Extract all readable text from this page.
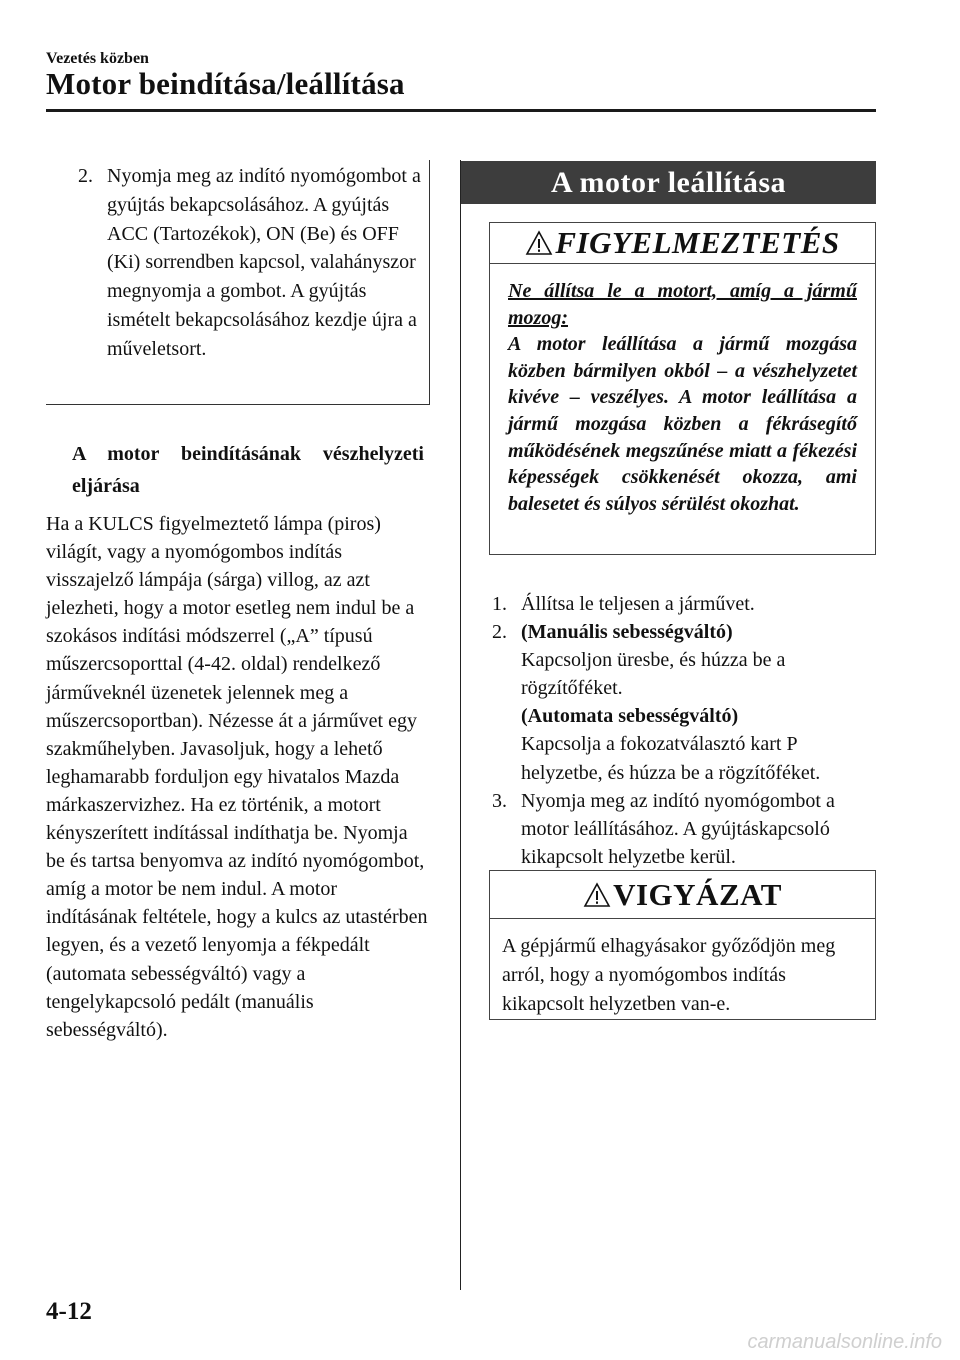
Vezetés közben
Motor beindítása/leállítása
2. Nyomja meg az indító nyomógombot a gyújtás bekapcsolásához. A gyújtás ACC (Tartozékok), ON (Be) és OFF (Ki) sorrendben kapcsol, valahányszor megnyomja a gombot. A gyújtás ismételt bekapcsolásához kezdje újra a műveletsort.
A motor beindításának vészhelyzeti eljárása
Ha a KULCS figyelmeztető lámpa (piros) világít, vagy a nyomógombos indítás visszajelző lámpája (sárga) villog, az azt jelezheti, hogy a motor esetleg nem indul be a szokásos indítási módszerrel („A” típusú műszercsoporttal (4-42. oldal) rendelkező járműveknél üzenetek jelennek meg a műszercsoportban). Nézesse át a járművet egy szakműhelyben. Javasoljuk, hogy a lehető leghamarabb forduljon egy hivatalos Mazda márkaszervizhez. Ha ez történik, a motort kényszerített indítással indíthatja be. Nyomja be és tartsa benyomva az indító nyomógombot, amíg a motor be nem indul. A motor indításának feltétele, hogy a kulcs az utastérben legyen, és a vezető lenyomja a fékpedált (automata sebességváltó) vagy a tengelykapcsoló pedált (manuális sebességváltó).
A motor leállítása
FIGYELMEZTETÉS
Ne állítsa le a motort, amíg a jármű mozog:
A motor leállítása a jármű mozgása közben bármilyen okból – a vészhelyzetet kivéve – veszélyes. A motor leállítása a jármű mozgása közben a fékrásegítő működésének megszűnése miatt a fékezési képességek csökkenését okozza, ami balesetet és súlyos sérülést okozhat.
1. Állítsa le teljesen a járművet.
2. (Manuális sebességváltó)
Kapcsoljon üresbe, és húzza be a rögzítőféket.
(Automata sebességváltó)
Kapcsolja a fokozatválasztó kart P helyzetbe, és húzza be a rögzítőféket.
3. Nyomja meg az indító nyomógombot a motor leállításához. A gyújtáskapcsoló kikapcsolt helyzetbe kerül.
VIGYÁZAT
A gépjármű elhagyásakor győződjön meg arról, hogy a nyomógombos indítás kikapcsolt helyzetben van-e.
4-12
carmanualsonline.info
